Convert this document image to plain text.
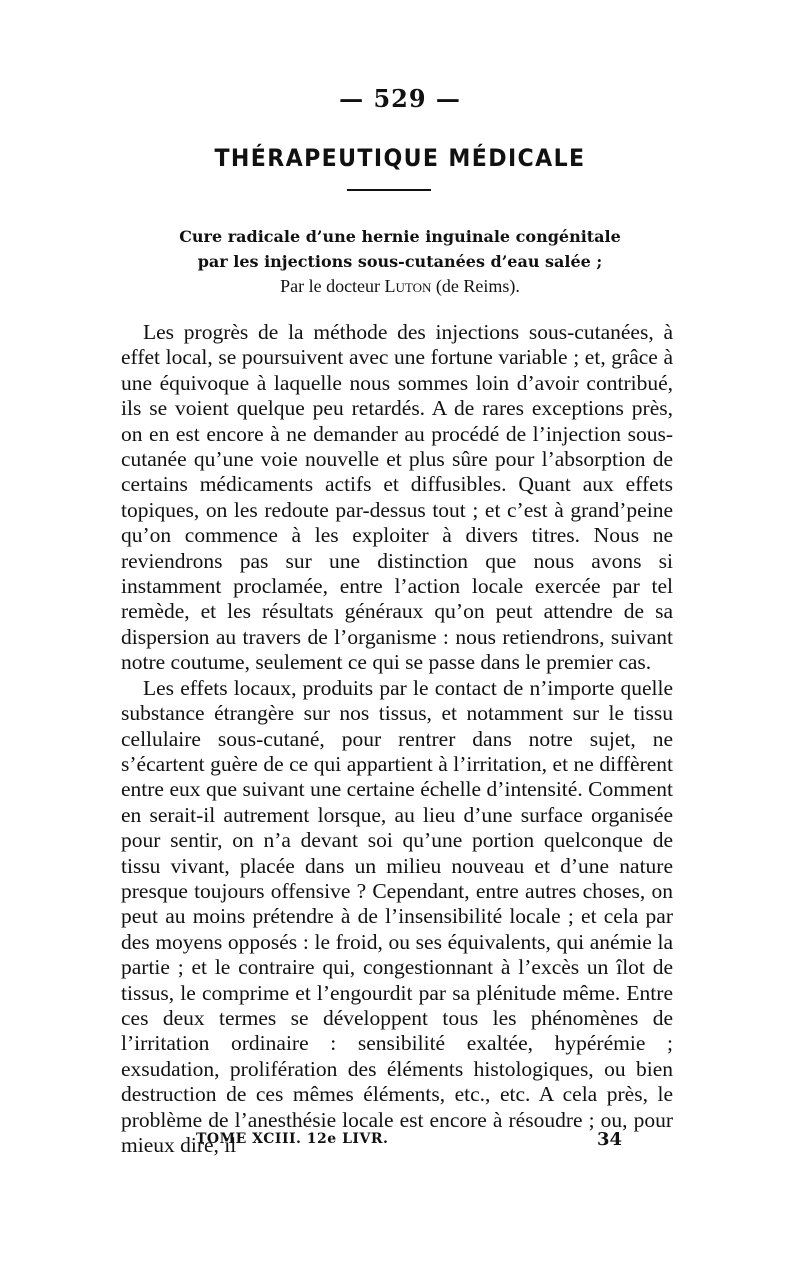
— 529 —
THÉRAPEUTIQUE MÉDICALE
Cure radicale d’une hernie inguinale congénitale
par les injections sous-cutanées d’eau salée ;
Par le docteur Luton (de Reims).

Les progrès de la méthode des injections sous-cutanées, à effet local, se poursuivent avec une fortune variable ; et, grâce à une équivoque à laquelle nous sommes loin d’avoir contribué, ils se voient quelque peu retardés. A de rares exceptions près, on en est encore à ne demander au procédé de l’injection sous-cutanée qu’une voie nouvelle et plus sûre pour l’absorption de certains médicaments actifs et diffusibles. Quant aux effets topiques, on les redoute par-dessus tout ; et c’est à grand’peine qu’on commence à les exploiter à divers titres. Nous ne reviendrons pas sur une distinction que nous avons si instamment proclamée, entre l’action locale exercée par tel remède, et les résultats généraux qu’on peut attendre de sa dispersion au travers de l’organisme : nous retiendrons, suivant notre coutume, seulement ce qui se passe dans le premier cas.

Les effets locaux, produits par le contact de n’importe quelle substance étrangère sur nos tissus, et notamment sur le tissu cellulaire sous-cutané, pour rentrer dans notre sujet, ne s’écartent guère de ce qui appartient à l’irritation, et ne diffèrent entre eux que suivant une certaine échelle d’intensité. Comment en serait-il autrement lorsque, au lieu d’une surface organisée pour sentir, on n’a devant soi qu’une portion quelconque de tissu vivant, placée dans un milieu nouveau et d’une nature presque toujours offensive ? Cependant, entre autres choses, on peut au moins prétendre à de l’insensibilité locale ; et cela par des moyens opposés : le froid, ou ses équivalents, qui anémie la partie ; et le contraire qui, congestionnant à l’excès un îlot de tissus, le comprime et l’engourdit par sa plénitude même. Entre ces deux termes se développent tous les phénomènes de l’irritation ordinaire : sensibilité exaltée, hypérémie ; exsudation, prolifération des éléments histologiques, ou bien destruction de ces mêmes éléments, etc., etc. A cela près, le problème de l’anesthésie locale est encore à résoudre ; ou, pour mieux dire, il

TOME XCIII. 12e LIVR.	34
